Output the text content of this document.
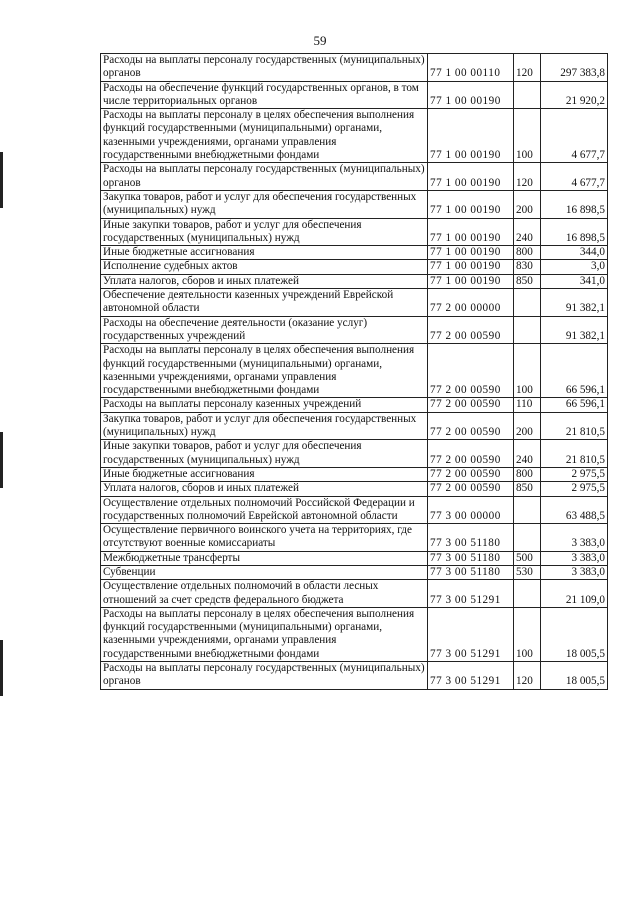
59
Расходы на выплаты персоналу государственных (муниципальных) органов	77 1 00 00110	120	297 383,8
Расходы на обеспечение функций государственных органов, в том числе территориальных органов	77 1 00 00190		21 920,2
Расходы на выплаты персоналу в целях обеспечения выполнения функций государственными (муниципальными) органами, казенными учреждениями, органами управления государственными внебюджетными фондами	77 1 00 00190	100	4 677,7
Расходы на выплаты персоналу государственных (муниципальных) органов	77 1 00 00190	120	4 677,7
Закупка товаров, работ и услуг для обеспечения государственных (муниципальных) нужд	77 1 00 00190	200	16 898,5
Иные закупки товаров, работ и услуг для обеспечения государственных (муниципальных) нужд	77 1 00 00190	240	16 898,5
Иные бюджетные ассигнования	77 1 00 00190	800	344,0
Исполнение судебных актов	77 1 00 00190	830	3,0
Уплата налогов, сборов и иных платежей	77 1 00 00190	850	341,0
Обеспечение деятельности казенных учреждений Еврейской автономной области	77 2 00 00000		91 382,1
Расходы на обеспечение деятельности (оказание услуг) государственных учреждений	77 2 00 00590		91 382,1
Расходы на выплаты персоналу в целях обеспечения выполнения функций государственными (муниципальными) органами, казенными учреждениями, органами управления государственными внебюджетными фондами	77 2 00 00590	100	66 596,1
Расходы на выплаты персоналу казенных учреждений	77 2 00 00590	110	66 596,1
Закупка товаров, работ и услуг для обеспечения государственных (муниципальных) нужд	77 2 00 00590	200	21 810,5
Иные закупки товаров, работ и услуг для обеспечения государственных (муниципальных) нужд	77 2 00 00590	240	21 810,5
Иные бюджетные ассигнования	77 2 00 00590	800	2 975,5
Уплата налогов, сборов и иных платежей	77 2 00 00590	850	2 975,5
Осуществление отдельных полномочий Российской Федерации и государственных полномочий Еврейской автономной области	77 3 00 00000		63 488,5
Осуществление первичного воинского учета на территориях, где отсутствуют военные комиссариаты	77 3 00 51180		3 383,0
Межбюджетные трансферты	77 3 00 51180	500	3 383,0
Субвенции	77 3 00 51180	530	3 383,0
Осуществление отдельных полномочий в области лесных отношений за счет средств федерального бюджета	77 3 00 51291		21 109,0
Расходы на выплаты персоналу в целях обеспечения выполнения функций государственными (муниципальными) органами, казенными учреждениями, органами управления государственными внебюджетными фондами	77 3 00 51291	100	18 005,5
Расходы на выплаты персоналу государственных (муниципальных) органов	77 3 00 51291	120	18 005,5
